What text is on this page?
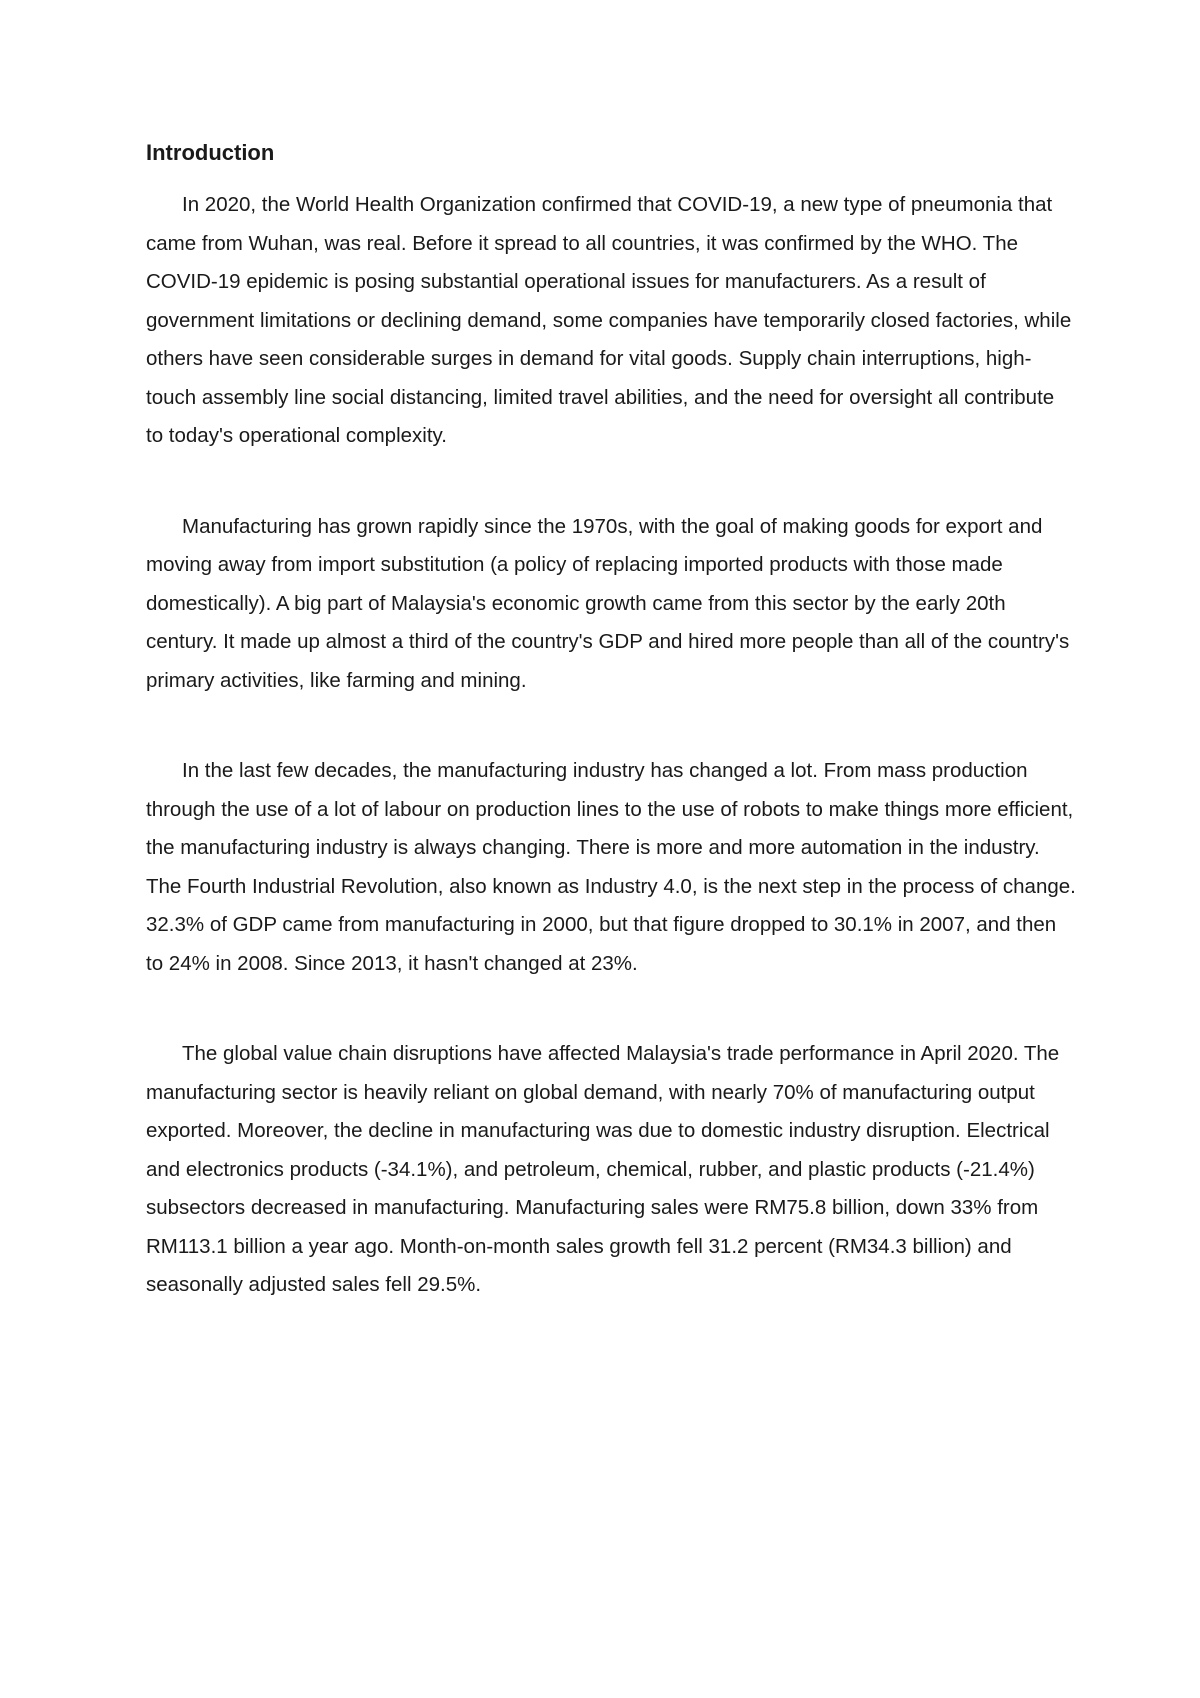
Introduction

In 2020, the World Health Organization confirmed that COVID-19, a new type of pneumonia that came from Wuhan, was real. Before it spread to all countries, it was confirmed by the WHO. The COVID-19 epidemic is posing substantial operational issues for manufacturers. As a result of government limitations or declining demand, some companies have temporarily closed factories, while others have seen considerable surges in demand for vital goods. Supply chain interruptions, high-touch assembly line social distancing, limited travel abilities, and the need for oversight all contribute to today's operational complexity.

Manufacturing has grown rapidly since the 1970s, with the goal of making goods for export and moving away from import substitution (a policy of replacing imported products with those made domestically). A big part of Malaysia's economic growth came from this sector by the early 20th century. It made up almost a third of the country's GDP and hired more people than all of the country's primary activities, like farming and mining.

In the last few decades, the manufacturing industry has changed a lot. From mass production through the use of a lot of labour on production lines to the use of robots to make things more efficient, the manufacturing industry is always changing. There is more and more automation in the industry. The Fourth Industrial Revolution, also known as Industry 4.0, is the next step in the process of change. 32.3% of GDP came from manufacturing in 2000, but that figure dropped to 30.1% in 2007, and then to 24% in 2008. Since 2013, it hasn't changed at 23%.

The global value chain disruptions have affected Malaysia's trade performance in April 2020. The manufacturing sector is heavily reliant on global demand, with nearly 70% of manufacturing output exported. Moreover, the decline in manufacturing was due to domestic industry disruption. Electrical and electronics products (-34.1%), and petroleum, chemical, rubber, and plastic products (-21.4%) subsectors decreased in manufacturing. Manufacturing sales were RM75.8 billion, down 33% from RM113.1 billion a year ago. Month-on-month sales growth fell 31.2 percent (RM34.3 billion) and seasonally adjusted sales fell 29.5%.
